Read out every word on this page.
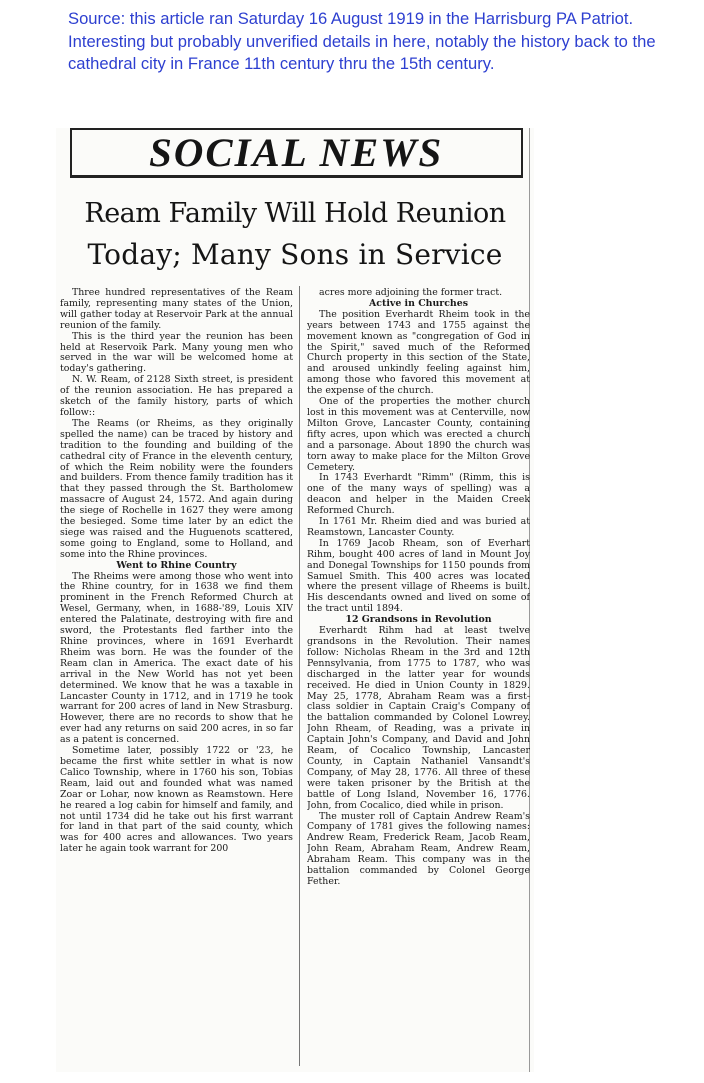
Source: this article ran Saturday 16 August 1919 in the Harrisburg PA Patriot. Interesting but probably unverified details in here, notably the history back to the cathedral city in France 11th century thru the 15th century.
SOCIAL NEWS
Ream Family Will Hold Reunion
Today; Many Sons in Service

Three hundred representatives of the Ream family, representing many states of the Union, will gather today at Reservoir Park at the annual reunion of the family.

This is the third year the reunion has been held at Reservoik Park. Many young men who served in the war will be welcomed home at today's gathering.

N. W. Ream, of 2128 Sixth street, is president of the reunion association. He has prepared a sketch of the family history, parts of which follow::

The Reams (or Rheims, as they originally spelled the name) can be traced by history and tradition to the founding and building of the cathedral city of France in the eleventh century, of which the Reim nobility were the founders and builders. From thence family tradition has it that they passed through the St. Bartholomew massacre of August 24, 1572. And again during the siege of Rochelle in 1627 they were among the besieged. Some time later by an edict the siege was raised and the Huguenots scattered, some going to England, some to Holland, and some into the Rhine provinces.

Went to Rhine Country

The Rheims were among those who went into the Rhine country, for in 1638 we find them prominent in the French Reformed Church at Wesel, Germany, when, in 1688-'89, Louis XIV entered the Palatinate, destroying with fire and sword, the Protestants fled farther into the Rhine provinces, where in 1691 Everhardt Rheim was born. He was the founder of the Ream clan in America. The exact date of his arrival in the New World has not yet been determined. We know that he was a taxable in Lancaster County in 1712, and in 1719 he took warrant for 200 acres of land in New Strasburg. However, there are no records to show that he ever had any returns on said 200 acres, in so far as a patent is concerned.

Sometime later, possibly 1722 or '23, he became the first white settler in what is now Calico Township, where in 1760 his son, Tobias Ream, laid out and founded what was named Zoar or Lohar, now known as Reamstown. Here he reared a log cabin for himself and family, and not until 1734 did he take out his first warrant for land in that part of the said county, which was for 400 acres and allowances. Two years later he again took warrant for 200

acres more adjoining the former tract.

Active in Churches

The position Everhardt Rheim took in the years between 1743 and 1755 against the movement known as "congregation of God in the Spirit," saved much of the Reformed Church property in this section of the State, and aroused unkindly feeling against him, among those who favored this movement at the expense of the church.

One of the properties the mother church lost in this movement was at Centerville, now Milton Grove, Lancaster County, containing fifty acres, upon which was erected a church and a parsonage. About 1890 the church was torn away to make place for the Milton Grove Cemetery.

In 1743 Everhardt "Rimm" (Rimm, this is one of the many ways of spelling) was a deacon and helper in the Maiden Creek Reformed Church.

In 1761 Mr. Rheim died and was buried at Reamstown, Lancaster County.

In 1769 Jacob Rheam, son of Everhart Rihm, bought 400 acres of land in Mount Joy and Donegal Townships for 1150 pounds from Samuel Smith. This 400 acres was located where the present village of Rheems is built. His descendants owned and lived on some of the tract until 1894.

12 Grandsons in Revolution

Everhardt Rihm had at least twelve grandsons in the Revolution. Their names follow: Nicholas Rheam in the 3rd and 12th Pennsylvania, from 1775 to 1787, who was discharged in the latter year for wounds received. He died in Union County in 1829. May 25, 1778, Abraham Ream was a first-class soldier in Captain Craig's Company of the battalion commanded by Colonel Lowrey. John Rheam, of Reading, was a private in Captain John's Company, and David and John Ream, of Cocalico Township, Lancaster County, in Captain Nathaniel Vansandt's Company, of May 28, 1776. All three of these were taken prisoner by the British at the battle of Long Island, November 16, 1776. John, from Cocalico, died while in prison.

The muster roll of Captain Andrew Ream's Company of 1781 gives the following names: Andrew Ream, Frederick Ream, Jacob Ream, John Ream, Abraham Ream, Andrew Ream, Abraham Ream. This company was in the battalion commanded by Colonel George Fether.
